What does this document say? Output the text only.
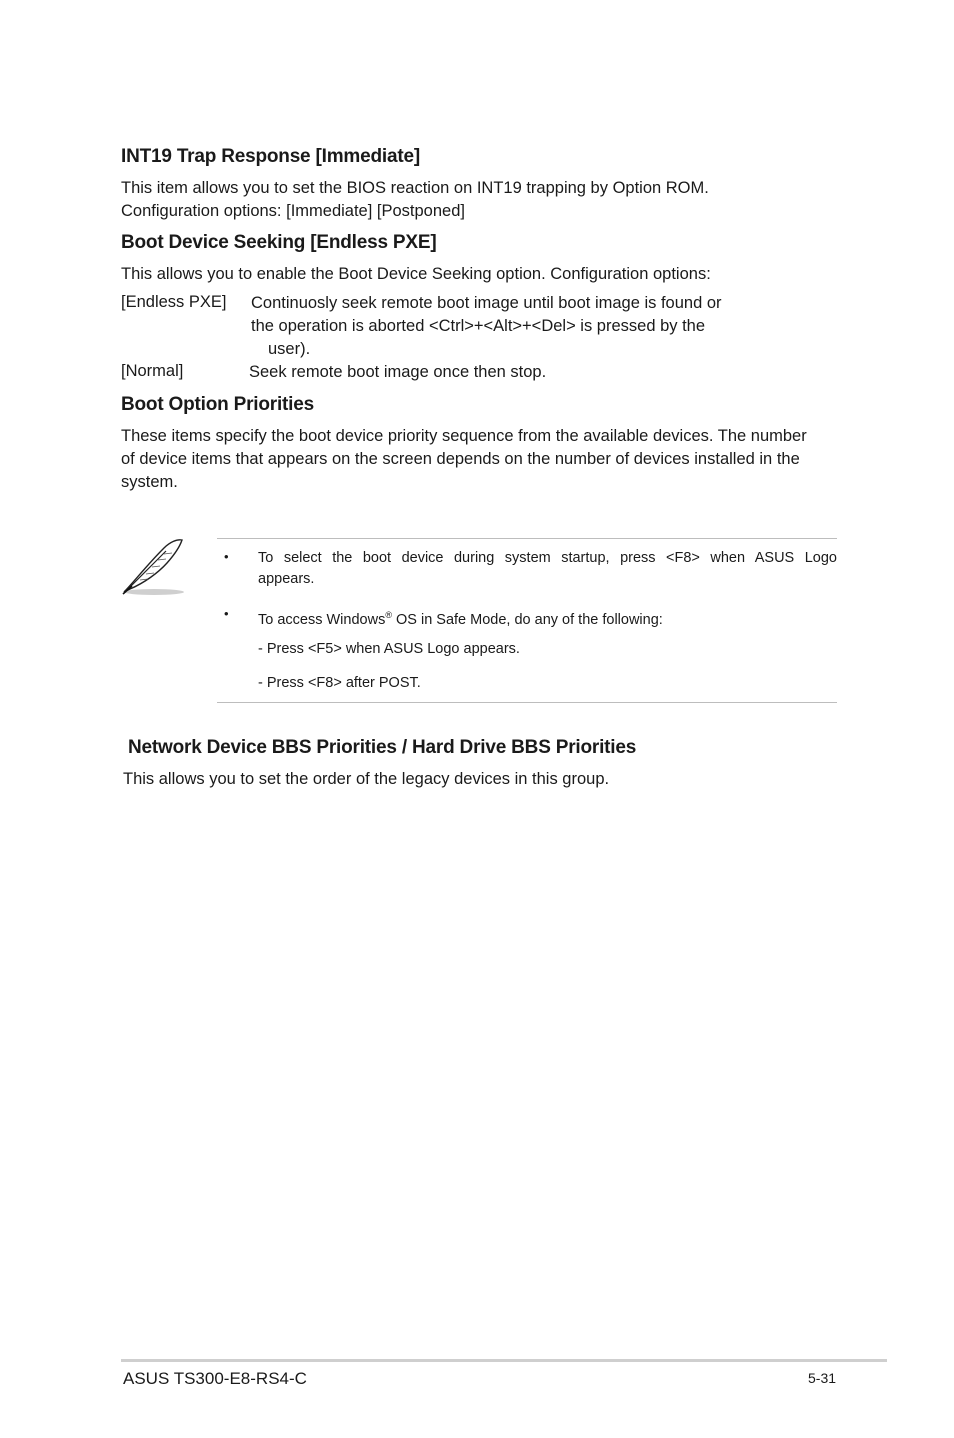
INT19 Trap Response [Immediate]
This item allows you to set the BIOS reaction on INT19 trapping by Option ROM.
Configuration options: [Immediate] [Postponed]
Boot Device Seeking [Endless PXE]
This allows you to enable the Boot Device Seeking option. Configuration options:
[Endless PXE] Continuosly seek remote boot image until boot image is found or
the operation is aborted <Ctrl>+<Alt>+<Del> is pressed by the
user).
[Normal]	Seek remote boot image once then stop.
Boot Option Priorities
These items specify the boot device priority sequence from the available devices. The number
of device items that appears on the screen depends on the number of devices installed in the
system.
• To select the boot device during system startup, press <F8> when ASUS Logo
appears.
• To access Windows® OS in Safe Mode, do any of the following:
- Press <F5> when ASUS Logo appears.
- Press <F8> after POST.
Network Device BBS Priorities / Hard Drive BBS Priorities
This allows you to set the order of the legacy devices in this group.
ASUS TS300-E8-RS4-C	5-31
